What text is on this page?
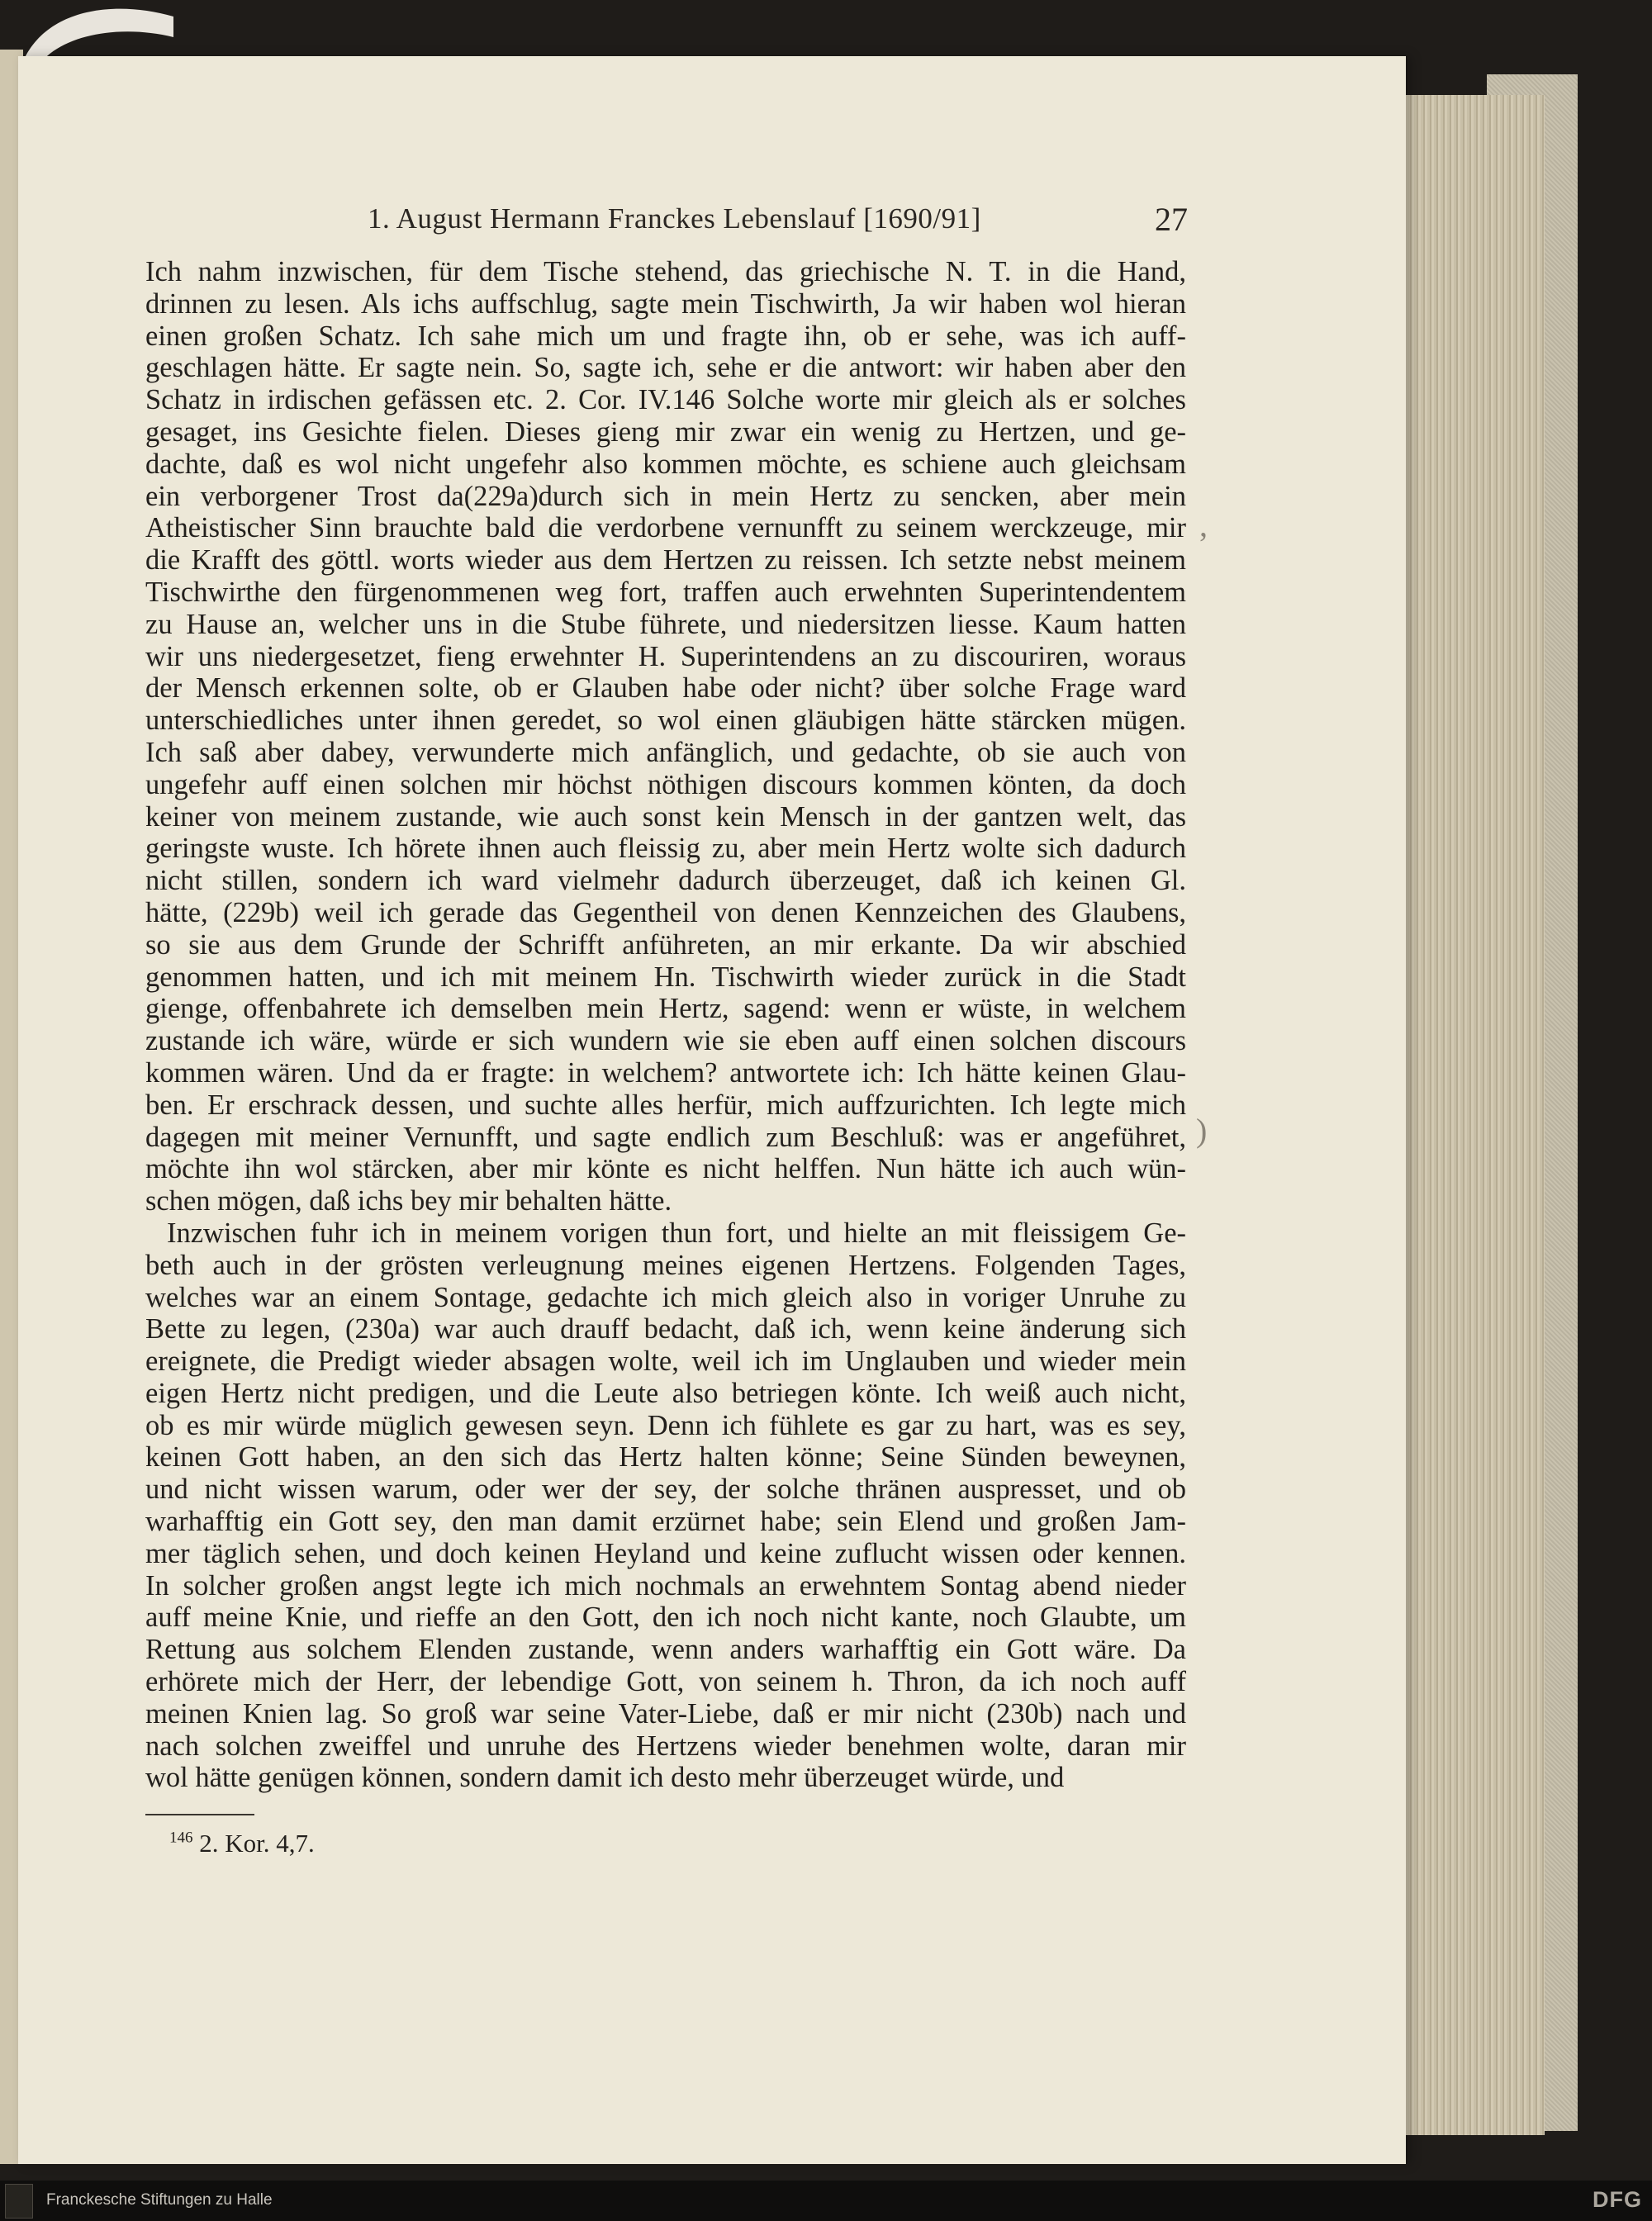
1. August Hermann Franckes Lebenslauf [1690/91]	27
Ich nahm inzwischen, für dem Tische stehend, das griechische N. T. in die Hand,
drinnen zu lesen. Als ichs auffschlug, sagte mein Tischwirth, Ja wir haben wol hieran
einen großen Schatz. Ich sahe mich um und fragte ihn, ob er sehe, was ich auff-
geschlagen hätte. Er sagte nein. So, sagte ich, sehe er die antwort: wir haben aber den
Schatz in irdischen gefässen etc. 2. Cor. IV.146 Solche worte mir gleich als er solches
gesaget, ins Gesichte fielen. Dieses gieng mir zwar ein wenig zu Hertzen, und ge-
dachte, daß es wol nicht ungefehr also kommen möchte, es schiene auch gleichsam
ein verborgener Trost da(229a)durch sich in mein Hertz zu sencken, aber mein
Atheistischer Sinn brauchte bald die verdorbene vernunfft zu seinem werckzeuge, mir
die Krafft des göttl. worts wieder aus dem Hertzen zu reissen. Ich setzte nebst meinem
Tischwirthe den fürgenommenen weg fort, traffen auch erwehnten Superintendentem
zu Hause an, welcher uns in die Stube führete, und niedersitzen liesse. Kaum hatten
wir uns niedergesetzet, fieng erwehnter H. Superintendens an zu discouriren, woraus
der Mensch erkennen solte, ob er Glauben habe oder nicht? über solche Frage ward
unterschiedliches unter ihnen geredet, so wol einen gläubigen hätte stärcken mügen.
Ich saß aber dabey, verwunderte mich anfänglich, und gedachte, ob sie auch von
ungefehr auff einen solchen mir höchst nöthigen discours kommen könten, da doch
keiner von meinem zustande, wie auch sonst kein Mensch in der gantzen welt, das
geringste wuste. Ich hörete ihnen auch fleissig zu, aber mein Hertz wolte sich dadurch
nicht stillen, sondern ich ward vielmehr dadurch überzeuget, daß ich keinen Gl.
hätte, (229b) weil ich gerade das Gegentheil von denen Kennzeichen des Glaubens,
so sie aus dem Grunde der Schrifft anführeten, an mir erkante. Da wir abschied
genommen hatten, und ich mit meinem Hn. Tischwirth wieder zurück in die Stadt
gienge, offenbahrete ich demselben mein Hertz, sagend: wenn er wüste, in welchem
zustande ich wäre, würde er sich wundern wie sie eben auff einen solchen discours
kommen wären. Und da er fragte: in welchem? antwortete ich: Ich hätte keinen Glau-
ben. Er erschrack dessen, und suchte alles herfür, mich auffzurichten. Ich legte mich
dagegen mit meiner Vernunfft, und sagte endlich zum Beschluß: was er angeführet,
möchte ihn wol stärcken, aber mir könte es nicht helffen. Nun hätte ich auch wün-
schen mögen, daß ichs bey mir behalten hätte.
Inzwischen fuhr ich in meinem vorigen thun fort, und hielte an mit fleissigem Ge-
beth auch in der grösten verleugnung meines eigenen Hertzens. Folgenden Tages,
welches war an einem Sontage, gedachte ich mich gleich also in voriger Unruhe zu
Bette zu legen, (230a) war auch drauff bedacht, daß ich, wenn keine änderung sich
ereignete, die Predigt wieder absagen wolte, weil ich im Unglauben und wieder mein
eigen Hertz nicht predigen, und die Leute also betriegen könte. Ich weiß auch nicht,
ob es mir würde müglich gewesen seyn. Denn ich fühlete es gar zu hart, was es sey,
keinen Gott haben, an den sich das Hertz halten könne; Seine Sünden beweynen,
und nicht wissen warum, oder wer der sey, der solche thränen auspresset, und ob
warhafftig ein Gott sey, den man damit erzürnet habe; sein Elend und großen Jam-
mer täglich sehen, und doch keinen Heyland und keine zuflucht wissen oder kennen.
In solcher großen angst legte ich mich nochmals an erwehntem Sontag abend nieder
auff meine Knie, und rieffe an den Gott, den ich noch nicht kante, noch Glaubte, um
Rettung aus solchem Elenden zustande, wenn anders warhafftig ein Gott wäre. Da
erhörete mich der Herr, der lebendige Gott, von seinem h. Thron, da ich noch auff
meinen Knien lag. So groß war seine Vater-Liebe, daß er mir nicht (230b) nach und
nach solchen zweiffel und unruhe des Hertzens wieder benehmen wolte, daran mir
wol hätte genügen können, sondern damit ich desto mehr überzeuget würde, und
,
)
$^{146}$ 2. Kor. 4,7.
Franckesche Stiftungen zu Halle	DFG
